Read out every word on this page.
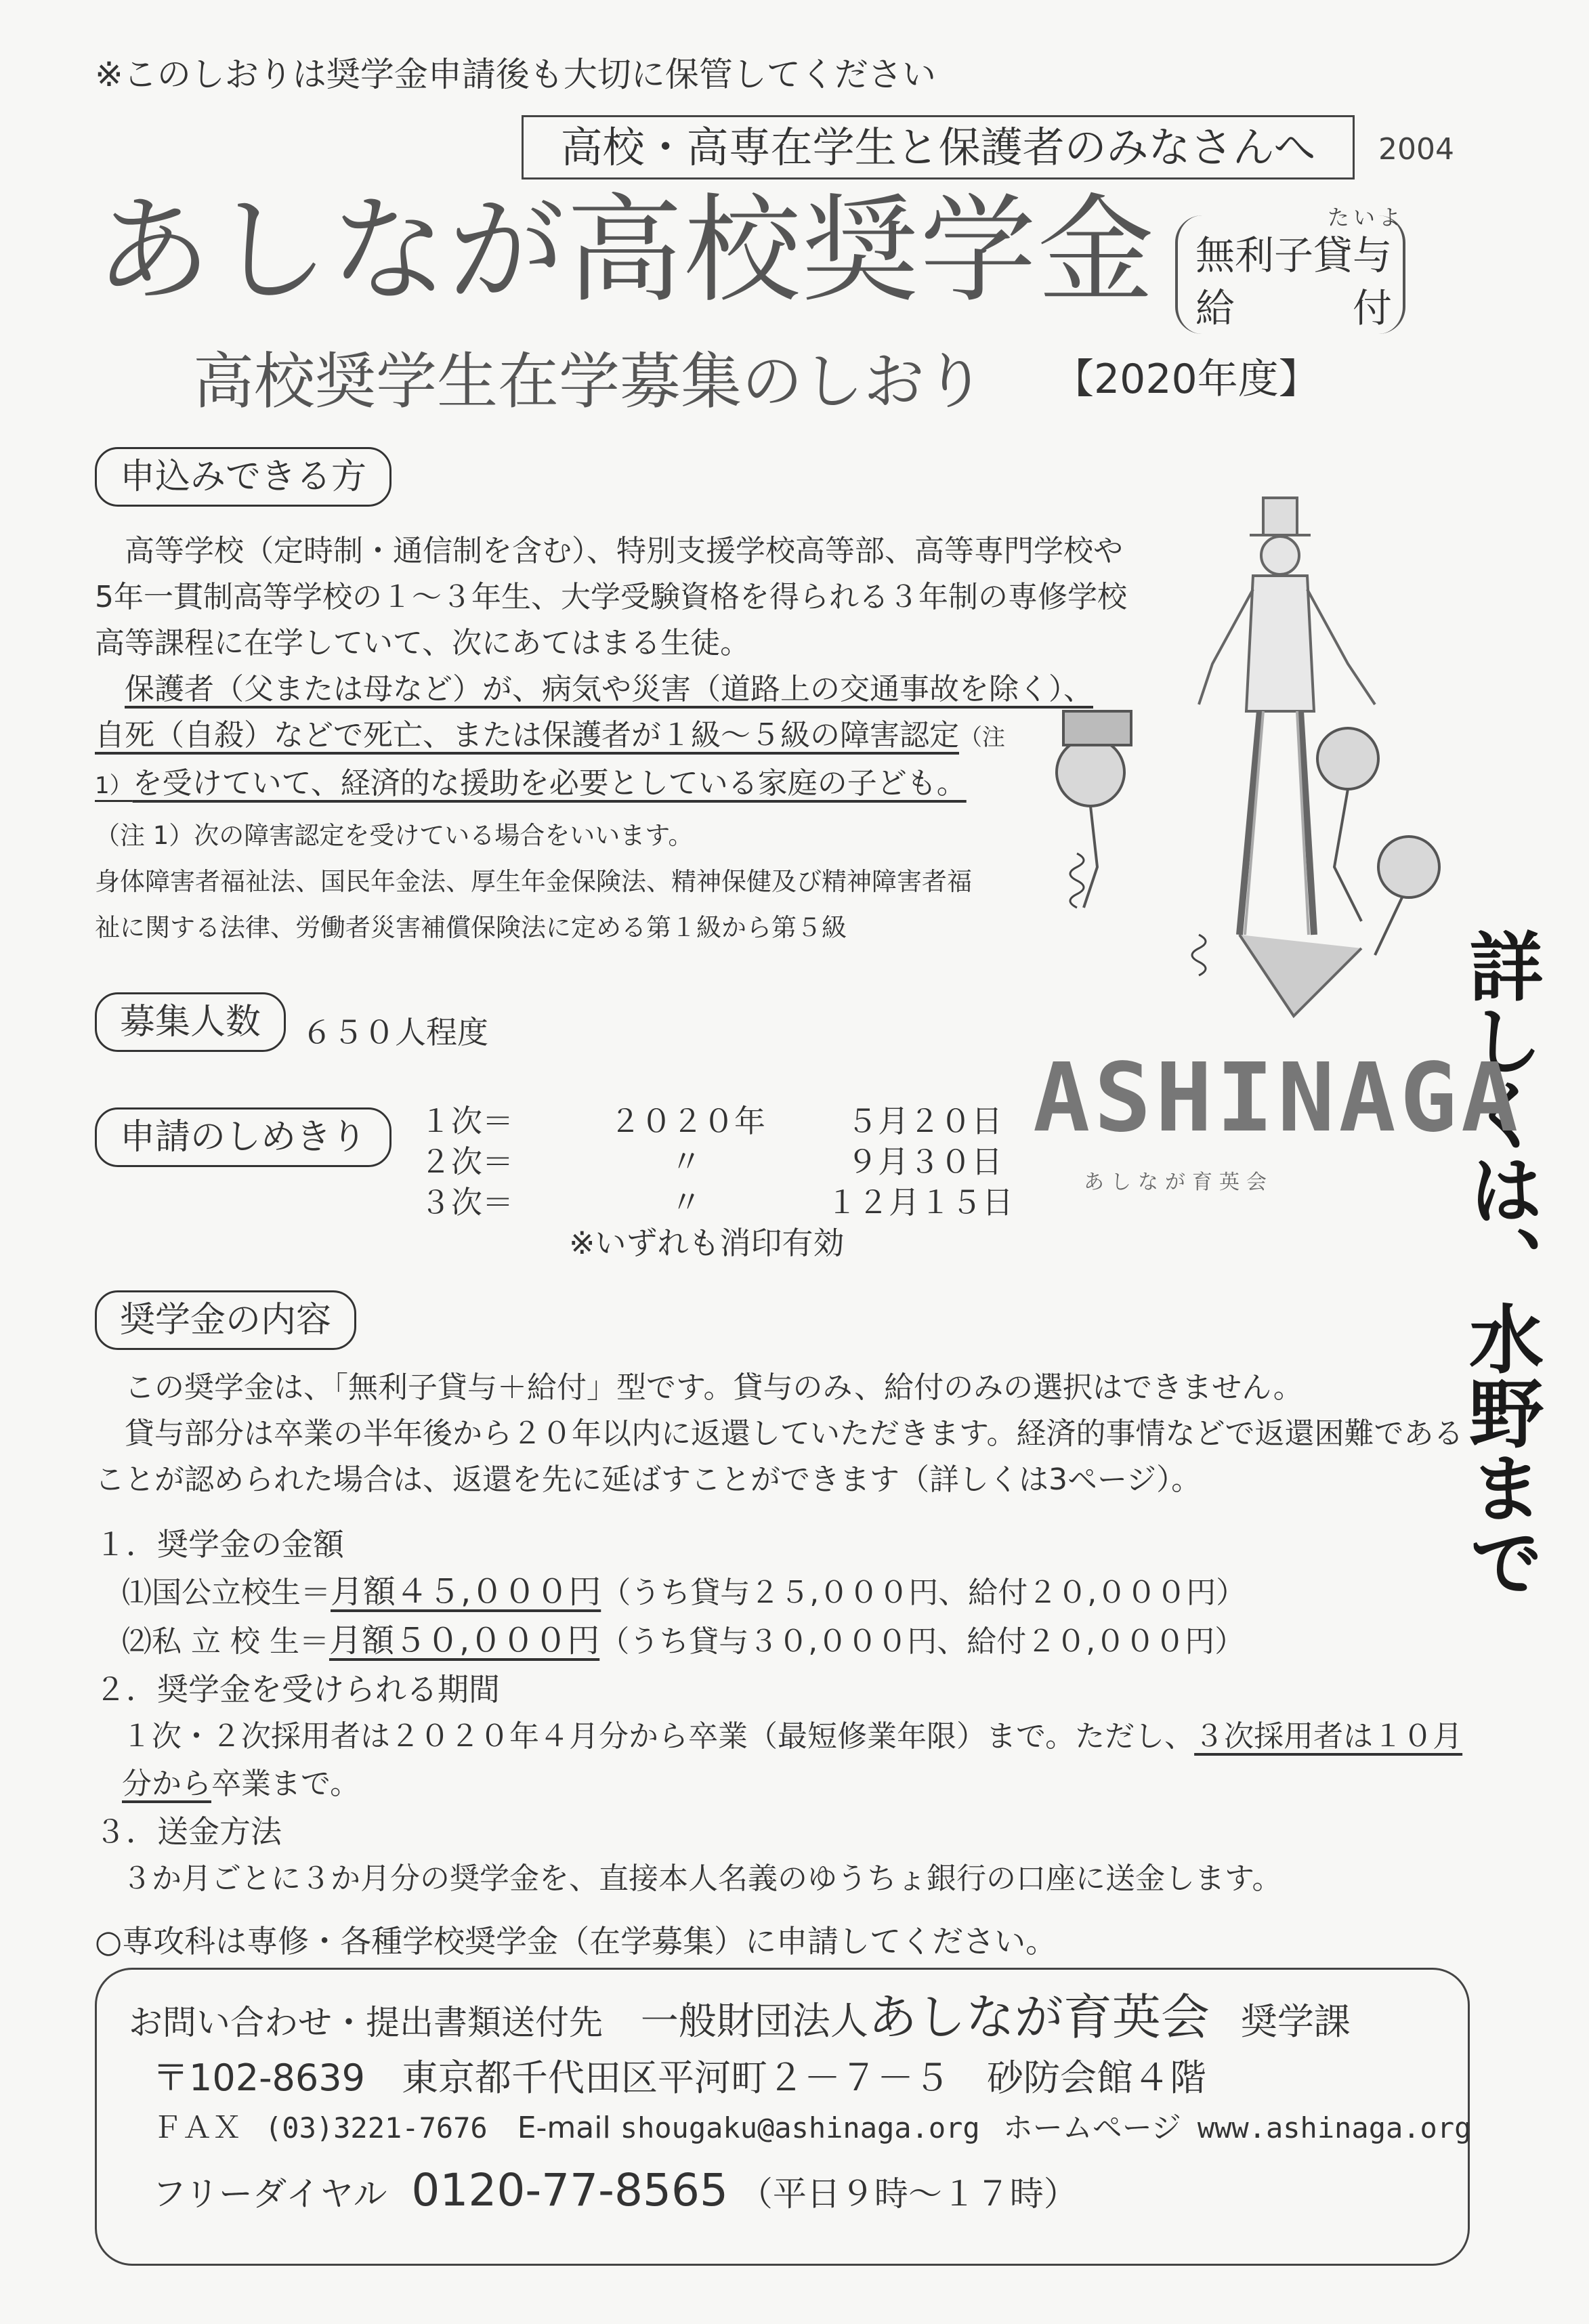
※このしおりは奨学金申請後も大切に保管してください
高校・高専在学生と保護者のみなさんへ	2004
あしなが高校奨学金	たいよ
無利子貸与
給	付
高校奨学生在学募集のしおり 【2020年度】
申込みできる方
高等学校（定時制・通信制を含む）、特別支援学校高等部、高等専門学校や
5年一貫制高等学校の１～３年生、大学受験資格を得られる３年制の専修学校
高等課程に在学していて、次にあてはまる生徒。
保護者（父または母など）が、病気や災害（道路上の交通事故を除く）、
自死（自殺）などで死亡、または保護者が１級～５級の障害認定（注
1）を受けていて、経済的な援助を必要としている家庭の子ども。
（注 1）次の障害認定を受けている場合をいいます。
身体障害者福祉法、国民年金法、厚生年金保険法、精神保健及び精神障害者福
祉に関する法律、労働者災害補償保険法に定める第１級から第５級
募集人数	６５０人程度
申請のしめきり	１次＝	２０２０年	５月２０日
２次＝	〃	９月３０日
３次＝	〃	１２月１５日
※いずれも消印有効
奨学金の内容
この奨学金は、「無利子貸与＋給付」型です。貸与のみ、給付のみの選択はできません。
貸与部分は卒業の半年後から２０年以内に返還していただきます。経済的事情などで返還困難である
ことが認められた場合は、返還を先に延ばすことができます（詳しくは3ページ）。
１．奨学金の金額
⑴国公立校生＝月額４５,０００円（うち貸与２５,０００円、給付２０,０００円）
⑵私 立 校 生＝月額５０,０００円（うち貸与３０,０００円、給付２０,０００円）
２．奨学金を受けられる期間
１次・２次採用者は２０２０年４月分から卒業（最短修業年限）まで。ただし、３次採用者は１０月
分から卒業まで。
３．送金方法
３か月ごとに３か月分の奨学金を、直接本人名義のゆうちょ銀行の口座に送金します。
○専攻科は専修・各種学校奨学金（在学募集）に申請してください。
お問い合わせ・提出書類送付先 一般財団法人あしなが育英会 奨学課
〒102-8639　東京都千代田区平河町２－７－５　砂防会館４階
ＦＡＸ (03)3221-7676 E-mail shougaku@ashinaga.org ホームページ www.ashinaga.org
フリーダイヤル 0120-77-8565 （平日９時～１７時）
詳しくは、水野まで
ASHINAGA
あしなが育英会
